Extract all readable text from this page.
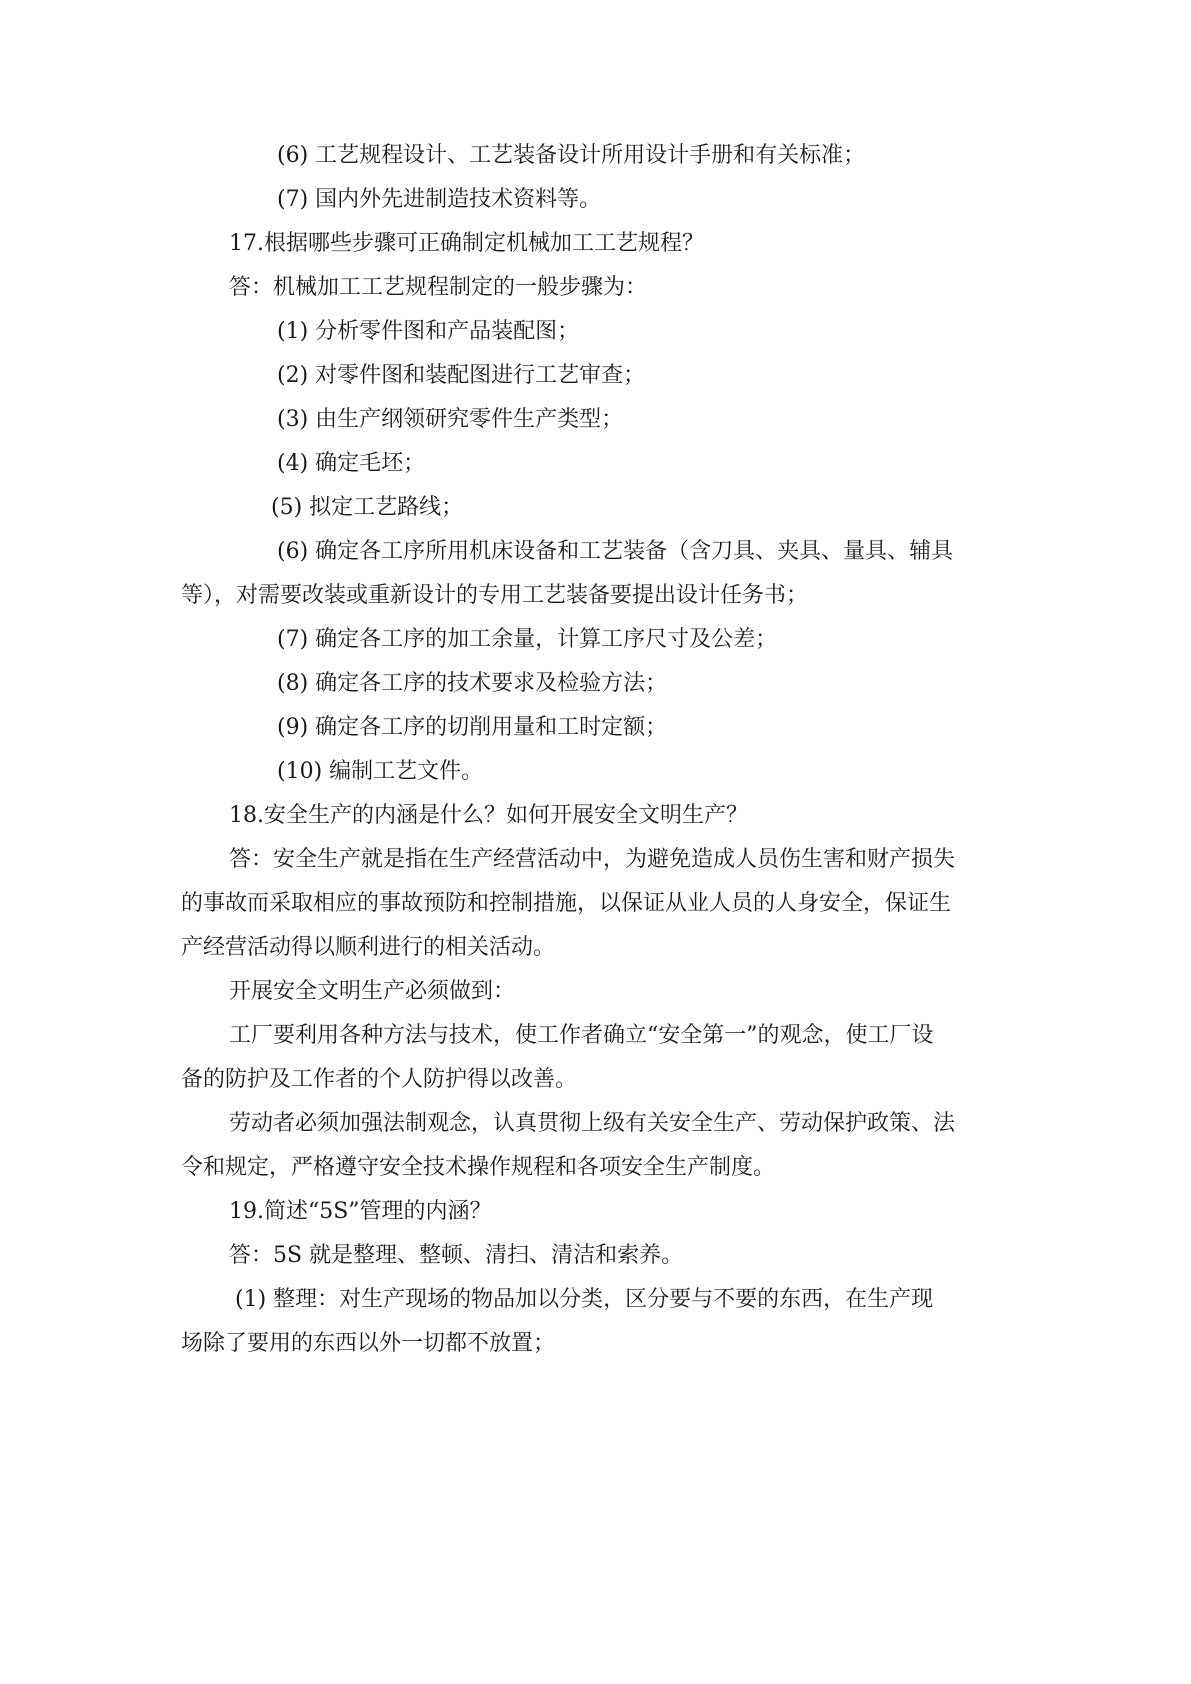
(6) 工艺规程设计、工艺装备设计所用设计手册和有关标准；
(7) 国内外先进制造技术资料等。
17.根据哪些步骤可正确制定机械加工工艺规程？
答：机械加工工艺规程制定的一般步骤为：
(1) 分析零件图和产品装配图；
(2) 对零件图和装配图进行工艺审查；
(3) 由生产纲领研究零件生产类型；
(4) 确定毛坯；
(5) 拟定工艺路线；
(6) 确定各工序所用机床设备和工艺装备（含刀具、夹具、量具、辅具
等），对需要改装或重新设计的专用工艺装备要提出设计任务书；
(7) 确定各工序的加工余量，计算工序尺寸及公差；
(8) 确定各工序的技术要求及检验方法；
(9) 确定各工序的切削用量和工时定额；
(10) 编制工艺文件。
18.安全生产的内涵是什么？如何开展安全文明生产？
答：安全生产就是指在生产经营活动中，为避免造成人员伤生害和财产损失
的事故而采取相应的事故预防和控制措施，以保证从业人员的人身安全，保证生
产经营活动得以顺利进行的相关活动。
开展安全文明生产必须做到：
工厂要利用各种方法与技术，使工作者确立“安全第一”的观念，使工厂设
备的防护及工作者的个人防护得以改善。
劳动者必须加强法制观念，认真贯彻上级有关安全生产、劳动保护政策、法
令和规定，严格遵守安全技术操作规程和各项安全生产制度。
19.简述“5S”管理的内涵？
答：5S 就是整理、整顿、清扫、清洁和索养。
(1) 整理：对生产现场的物品加以分类，区分要与不要的东西，在生产现
场除了要用的东西以外一切都不放置；
